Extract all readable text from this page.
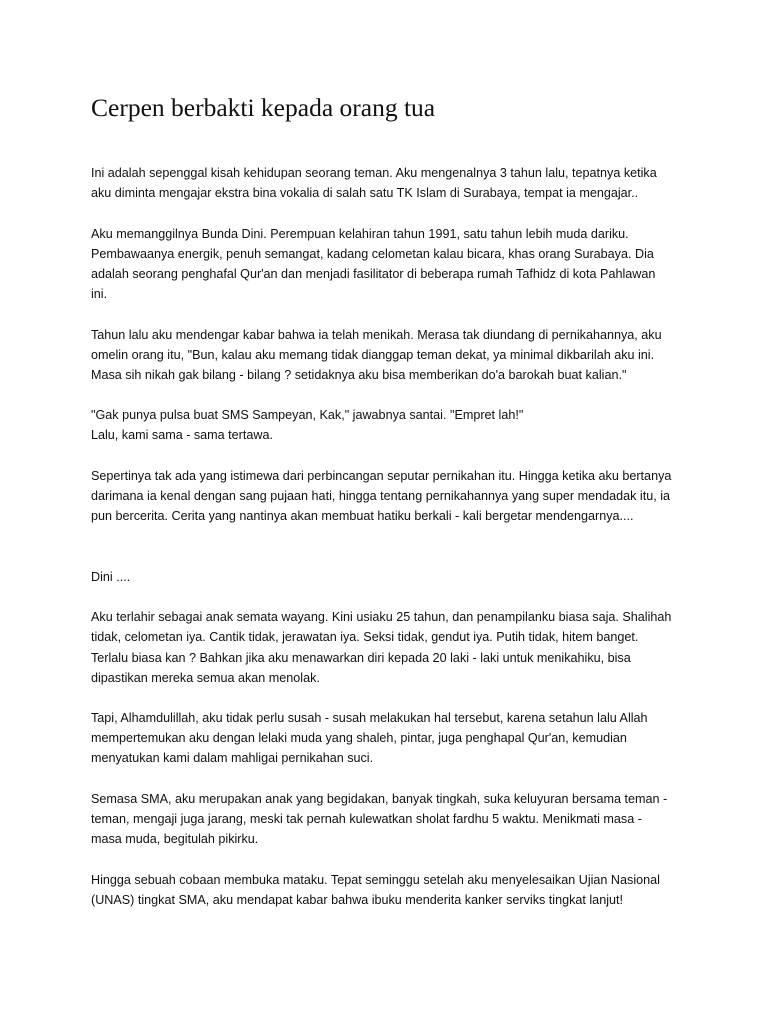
Cerpen berbakti kepada orang tua

Ini adalah sepenggal kisah kehidupan seorang teman. Aku mengenalnya 3 tahun lalu, tepatnya ketika
aku diminta mengajar ekstra bina vokalia di salah satu TK Islam di Surabaya, tempat ia mengajar..

Aku memanggilnya Bunda Dini. Perempuan kelahiran tahun 1991, satu tahun lebih muda dariku.
Pembawaanya energik, penuh semangat, kadang celometan kalau bicara, khas orang Surabaya. Dia
adalah seorang penghafal Qur'an dan menjadi fasilitator di beberapa rumah Tafhidz di kota Pahlawan
ini.

Tahun lalu aku mendengar kabar bahwa ia telah menikah. Merasa tak diundang di pernikahannya, aku
omelin orang itu, "Bun, kalau aku memang tidak dianggap teman dekat, ya minimal dikbarilah aku ini.
Masa sih nikah gak bilang - bilang ? setidaknya aku bisa memberikan do'a barokah buat kalian."

"Gak punya pulsa buat SMS Sampeyan, Kak," jawabnya santai. "Empret lah!"
Lalu, kami sama - sama tertawa.

Sepertinya tak ada yang istimewa dari perbincangan seputar pernikahan itu. Hingga ketika aku bertanya
darimana ia kenal dengan sang pujaan hati, hingga tentang pernikahannya yang super mendadak itu, ia
pun bercerita. Cerita yang nantinya akan membuat hatiku berkali - kali bergetar mendengarnya....

Dini ....

Aku terlahir sebagai anak semata wayang. Kini usiaku 25 tahun, dan penampilanku biasa saja. Shalihah
tidak, celometan iya. Cantik tidak, jerawatan iya. Seksi tidak, gendut iya. Putih tidak, hitem banget.
Terlalu biasa kan ? Bahkan jika aku menawarkan diri kepada 20 laki - laki untuk menikahiku, bisa
dipastikan mereka semua akan menolak.

Tapi, Alhamdulillah, aku tidak perlu susah - susah melakukan hal tersebut, karena setahun lalu Allah
mempertemukan aku dengan lelaki muda yang shaleh, pintar, juga penghapal Qur'an, kemudian
menyatukan kami dalam mahligai pernikahan suci.

Semasa SMA, aku merupakan anak yang begidakan, banyak tingkah, suka keluyuran bersama teman -
teman, mengaji juga jarang, meski tak pernah kulewatkan sholat fardhu 5 waktu. Menikmati masa -
masa muda, begitulah pikirku.

Hingga sebuah cobaan membuka mataku. Tepat seminggu setelah aku menyelesaikan Ujian Nasional
(UNAS) tingkat SMA, aku mendapat kabar bahwa ibuku menderita kanker serviks tingkat lanjut!
